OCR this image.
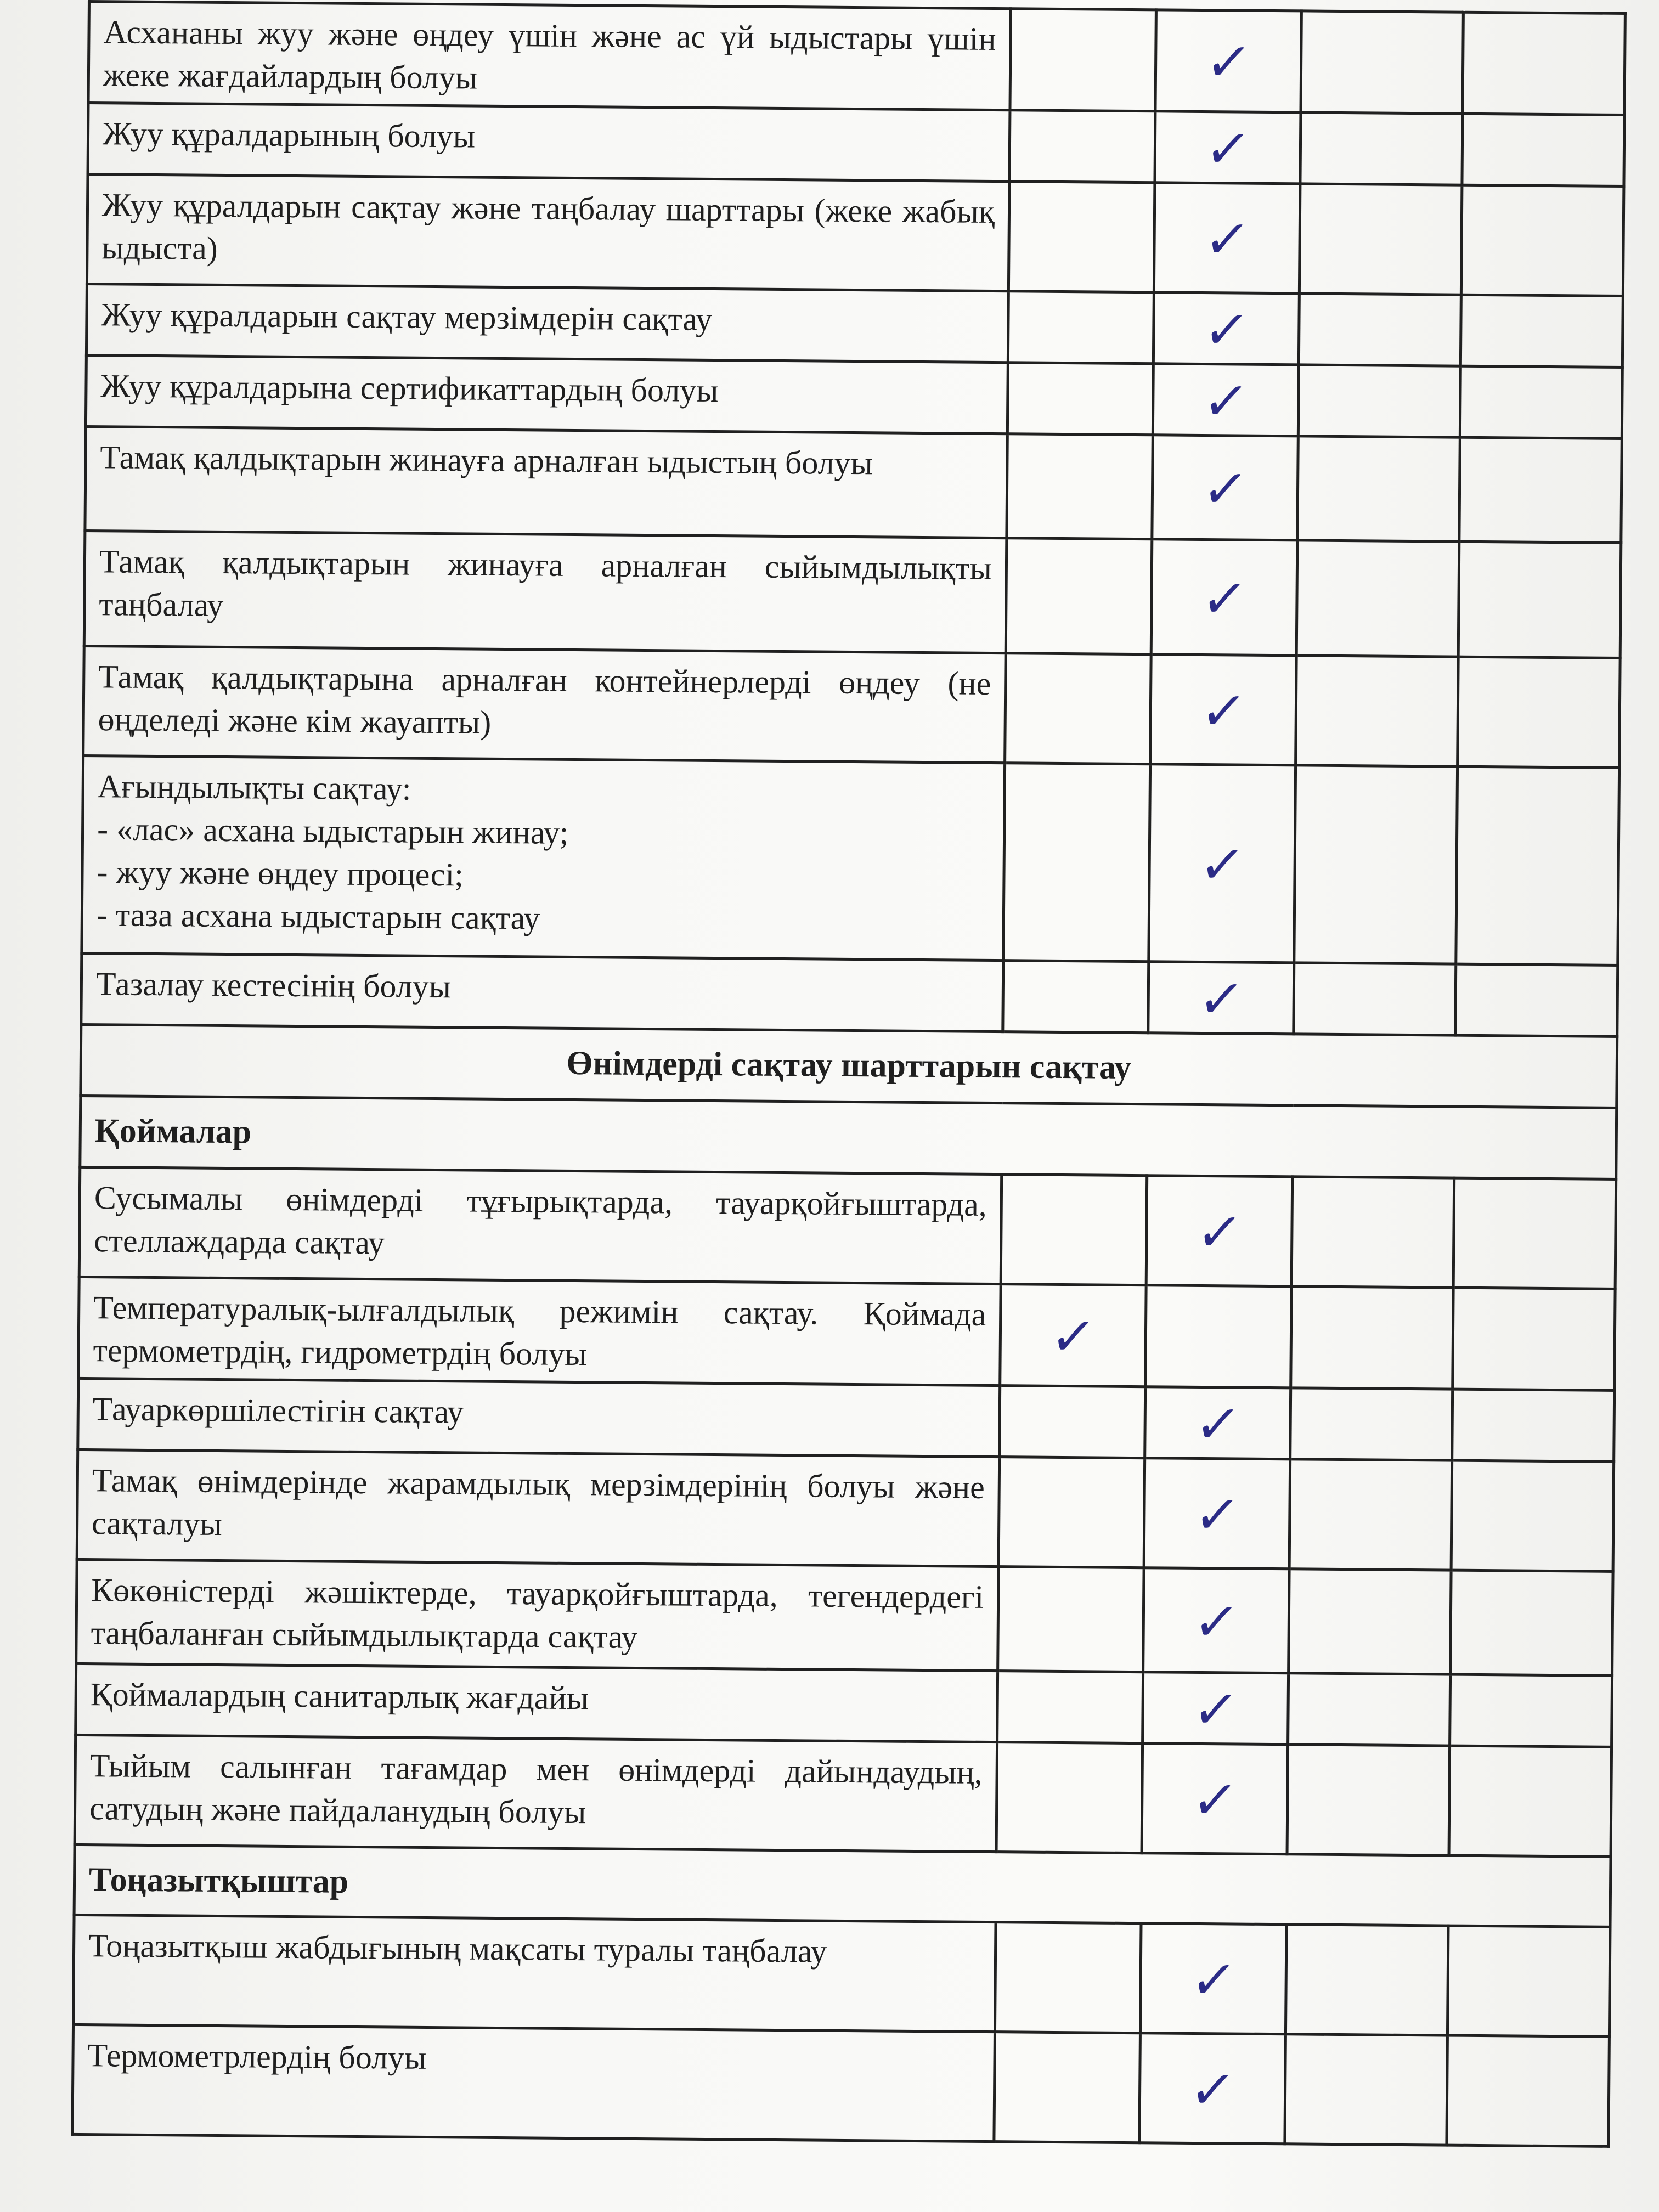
Асхананы жуу және өңдеу үшін және ас үй ыдыстары үшін жеке жағдайлардың болуы		✓		
Жуу құралдарының болуы		✓		
Жуу құралдарын сақтау және таңбалау шарттары (жеке жабық ыдыста)		✓		
Жуу құралдарын сақтау мерзімдерін сақтау		✓		
Жуу құралдарына сертификаттардың болуы		✓		
Тамақ қалдықтарын жинауға арналған ыдыстың болуы		✓		
Тамақ қалдықтарын жинауға арналған сыйымдылықты таңбалау		✓		
Тамақ қалдықтарына арналған контейнерлерді өңдеу (не өңделеді және кім жауапты)		✓		

Ағындылықты сақтау:
- «лас» асхана ыдыстарын жинау;
- жуу және өңдеу процесі;
- таза асхана ыдыстарын сақтау		✓		
Тазалау кестесінің болуы		✓		
Өнімдерді сақтау шарттарын сақтау				
Қоймалар				
Сусымалы өнімдерді тұғырықтарда, тауарқойғыштарда, стеллаждарда сақтау		✓		
Температуралық-ылғалдылық режимін сақтау. Қоймада термометрдің, гидрометрдің болуы	✓			
Тауаркөршілестігін сақтау		✓		
Тамақ өнімдерінде жарамдылық мерзімдерінің болуы және сақталуы		✓		
Көкөністерді жәшіктерде, тауарқойғыштарда, тегендердегі таңбаланған сыйымдылықтарда сақтау		✓		
Қоймалардың санитарлық жағдайы		✓		
Тыйым салынған тағамдар мен өнімдерді дайындаудың, сатудың және пайдаланудың болуы		✓		
Тоңазытқыштар				
Тоңазытқыш жабдығының мақсаты туралы таңбалау		✓		
Термометрлердің болуы		✓		
